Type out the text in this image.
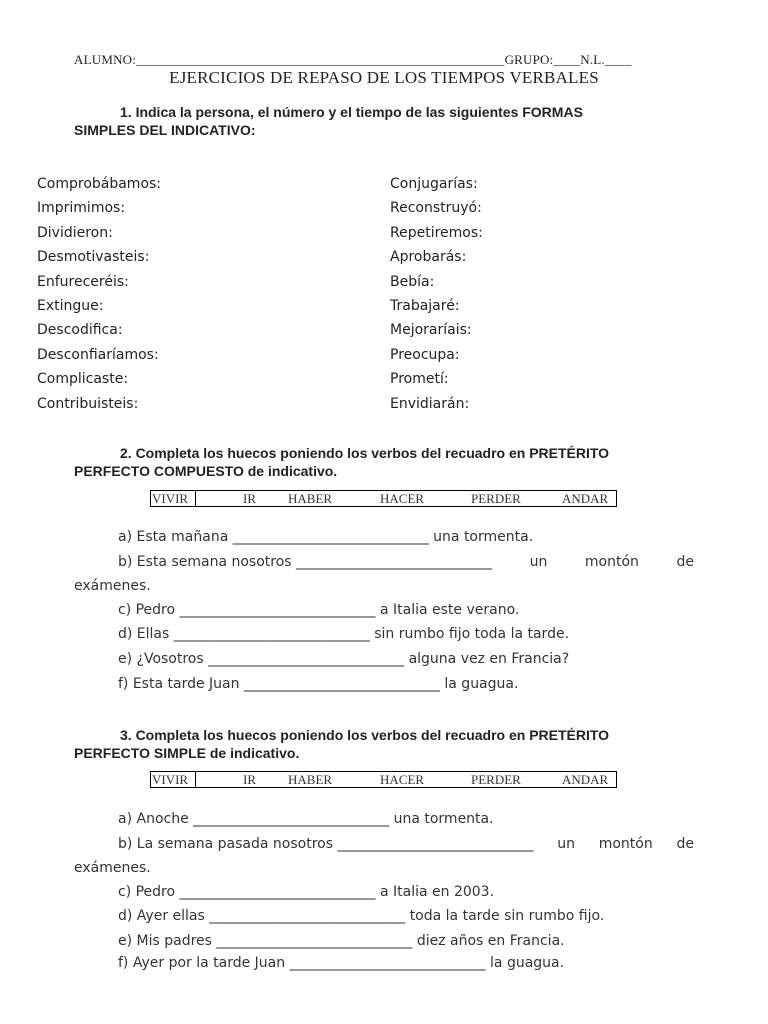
ALUMNO:_______________________________________________________GRUPO:____N.L.____
EJERCICIOS DE REPASO DE LOS TIEMPOS VERBALES
1. Indica la persona, el número y el tiempo de las siguientes FORMAS
SIMPLES DEL INDICATIVO:
Comprobábamos:
Imprimimos:
Dividieron:
Desmotivasteis:
Enfureceréis:
Extingue:
Descodifica:
Desconfiaríamos:
Complicaste:
Contribuisteis:
Conjugarías:
Reconstruyó:
Repetiremos:
Aprobarás:
Bebía:
Trabajaré:
Mejoraríais:
Preocupa:
Prometí:
Envidiarán:
2. Completa los huecos poniendo los verbos del recuadro en PRETÉRITO
PERFECTO COMPUESTO de indicativo.
VIVIR	IR HABER	HACER	PERDER	ANDAR
a) Esta mañana ____________________________ una tormenta.
b) Esta semana nosotros ____________________________	un	montón	de
exámenes.
c) Pedro ____________________________ a Italia este verano.
d) Ellas ____________________________ sin rumbo fijo toda la tarde.
e) ¿Vosotros ____________________________ alguna vez en Francia?
f) Esta tarde Juan ____________________________ la guagua.
3. Completa los huecos poniendo los verbos del recuadro en PRETÉRITO
PERFECTO SIMPLE de indicativo.
VIVIR	IR HABER	HACER	PERDER	ANDAR
a) Anoche ____________________________ una tormenta.
b) La semana pasada nosotros ____________________________ un montón de
exámenes.
c) Pedro ____________________________ a Italia en 2003.
d) Ayer ellas ____________________________ toda la tarde sin rumbo fijo.
e) Mis padres ____________________________ diez años en Francia.
f) Ayer por la tarde Juan ____________________________ la guagua.
